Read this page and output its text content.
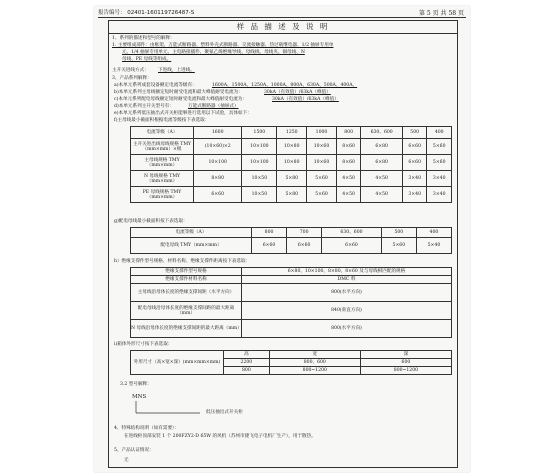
报告编号： 02401-160119726487-S	第 5 页 共 58 页
样 品 描 述 及 说 明
1、系列的描述和型号的解释：
1. 主要组成部件：由框架、万能式断路器、塑料外壳式断路器、交流接触器、热过载继电器、1/2 抽屉专用单
元、1/4 抽屉专用单元、主电路接插件、聚氨乙烯绝缘导线、母线线、母线夹、铜母线、N
母线、PE 母线等组成。
主开关进线方式： 下进线，上进线。
3、产品系列解释：
a)本单元系列成套设备额定电流等级有：	1600A、1500A、1250A、1000A、800A、630A、500A、400A。
b)本单元系列主母线额定短时耐受电流和最大峰值耐受电流为：	30kA（有效值）/63kA（峰值）
c)本单元系列配电母线额定短时耐受电流和最大峰值耐受电流为：	30kA（有效值）/63kA（峰值）
d)本单元系列主开关型号有：	万能式断路器（抽屉式）
e)本单元系列低压抽出式开关柜能够进行选用以下试验，具体如下：
f)主母线最小截面积根据电流等级按下表选取：
电流等级（A）	1600	1500	1250	1000	800	630、600	500	400
主开关进出线母线规格 TMY（mm×mm）×根	(10×60)×2	10×100	10×80	10×60	8×60	6×80	6×60	5×60
主母线规格 TMY（mm×mm）	10×100	10×100	10×80	10×60	8×60	6×80	6×60	5×60
N 母线规格 TMY（mm×mm）	8×80	10×50	5×80	5×60	4×50	4×50	3×40	3×40
PE 母线规格 TMY（mm×mm）	6×60	10×50	5×80	5×60	4×50	4×50	3×40	3×40
g)配电母线最小截面积按下表选取：
电流等级（A）	800	700	630、600	500	400
配电母线 TMY（mm×mm）	6×60	6×60	6×60	5×60	5×40
h）绝缘支撑件型号规格、材料名称、绝缘支撑件距离按下表选取：
绝缘支撑件型号规格	6×80、10×100、8×80、8×60 及与母线相匹配的规格
绝缘支撑件材料名称	DMC 料
主母线沿母体长度的绝缘支撑间距（水平方向）	800(水平方向)
配电母线沿母体长度的绝缘支撑间距的最大距离（mm）	840(垂直方向)
N 母线沿母体长度的绝缘支撑间距的最大距离（mm）	800(水平方向)
i)箱体外形尺寸按下表选取：
外形尺寸（高×宽×深）(mm×mm×mm)	高	宽	深
	2200	800、600	600
	800	800~1200	800~1200
3.2 型号解释：
MNS
低压抽出式开关柜
4、特殊结构说明（如有需要）：
在进线柜顶部安装 1 个 200FZY2-D 65W 的风机（苏州市捷飞电子电机厂生产），用于散热。
5、产品认证情况：
无
